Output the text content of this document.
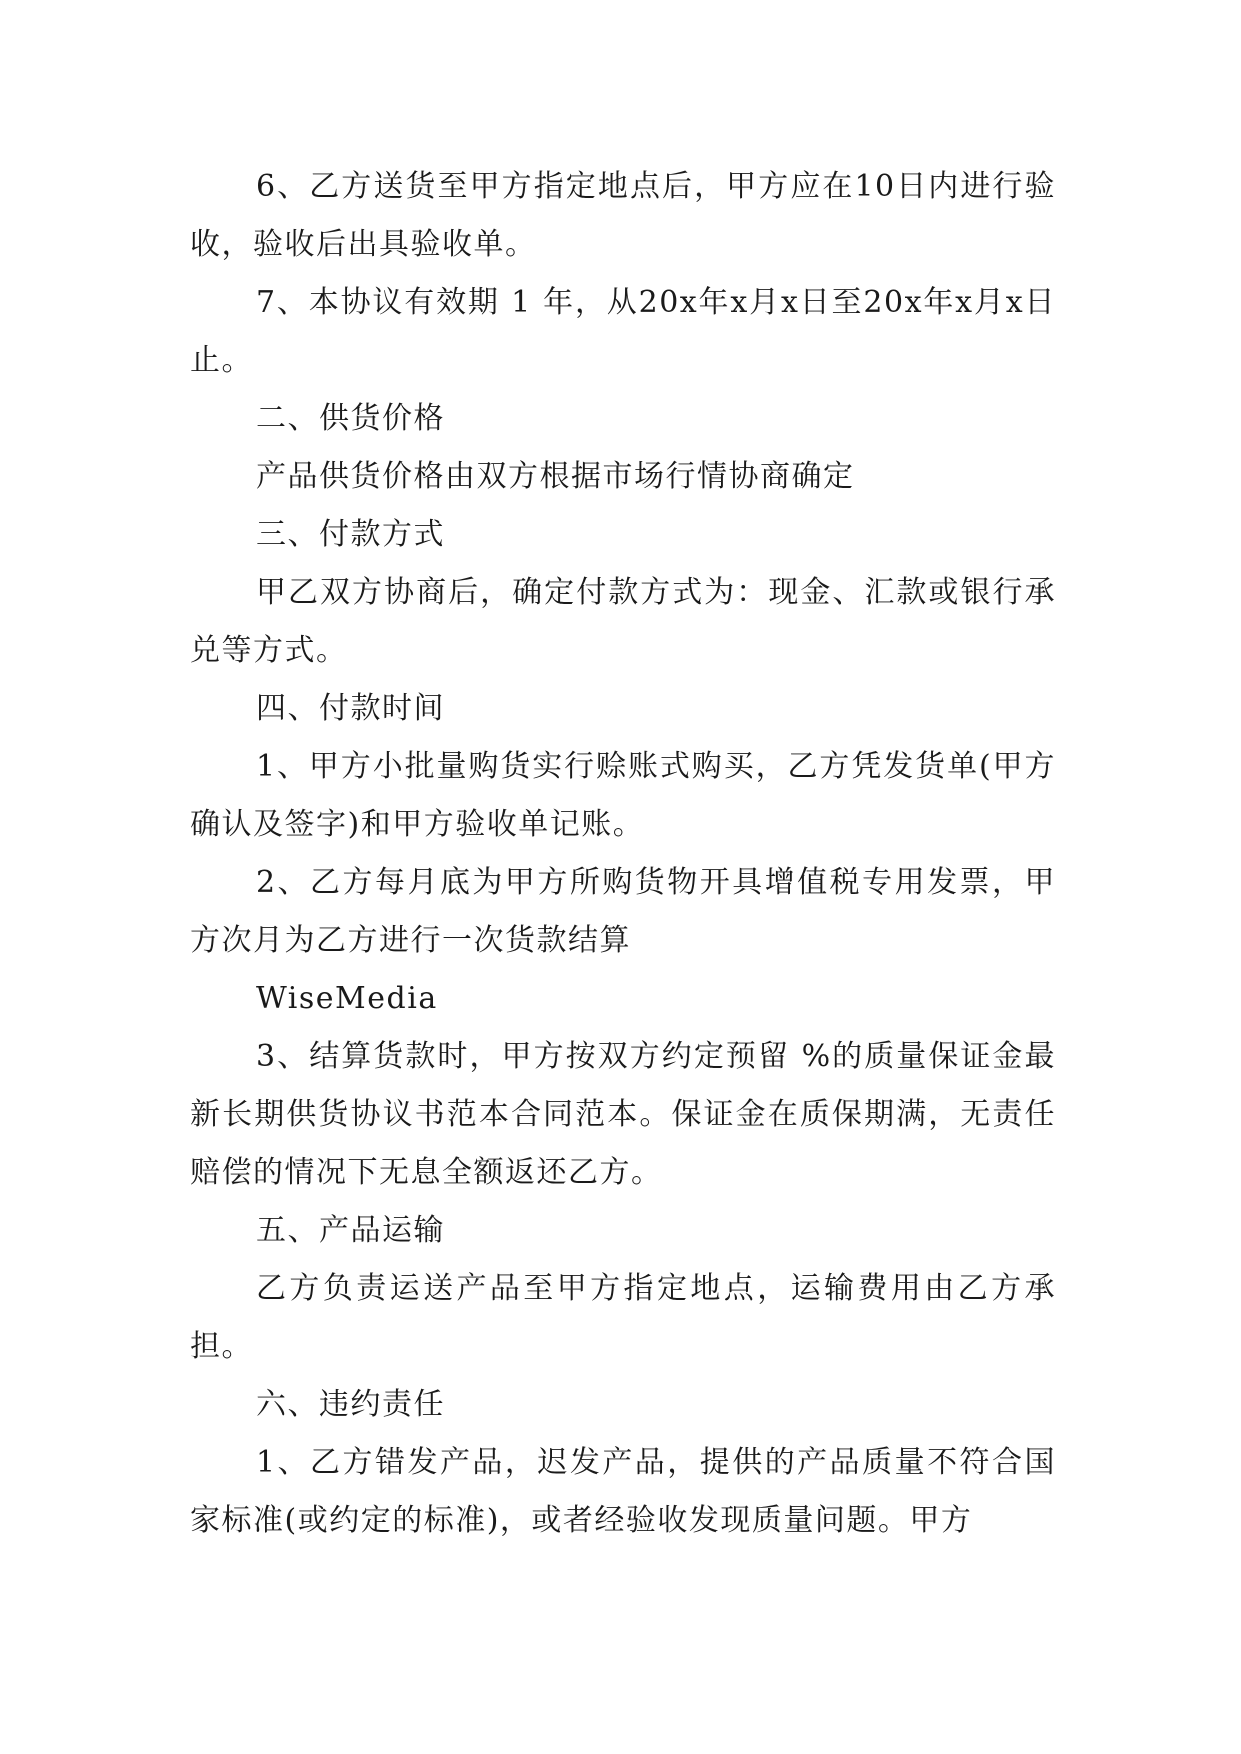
6、乙方送货至甲方指定地点后，甲方应在10日内进行验收，验收后出具验收单。

7、本协议有效期 1 年，从20x年x月x日至20x年x月x日止。

二、供货价格

产品供货价格由双方根据市场行情协商确定

三、付款方式

甲乙双方协商后，确定付款方式为：现金、汇款或银行承兑等方式。

四、付款时间

1、甲方小批量购货实行赊账式购买，乙方凭发货单(甲方确认及签字)和甲方验收单记账。

2、乙方每月底为甲方所购货物开具增值税专用发票，甲方次月为乙方进行一次货款结算

WiseMedia

3、结算货款时，甲方按双方约定预留 %的质量保证金最新长期供货协议书范本合同范本。保证金在质保期满，无责任赔偿的情况下无息全额返还乙方。

五、产品运输

乙方负责运送产品至甲方指定地点，运输费用由乙方承担。

六、违约责任

1、乙方错发产品，迟发产品，提供的产品质量不符合国家标准(或约定的标准)，或者经验收发现质量问题。甲方
